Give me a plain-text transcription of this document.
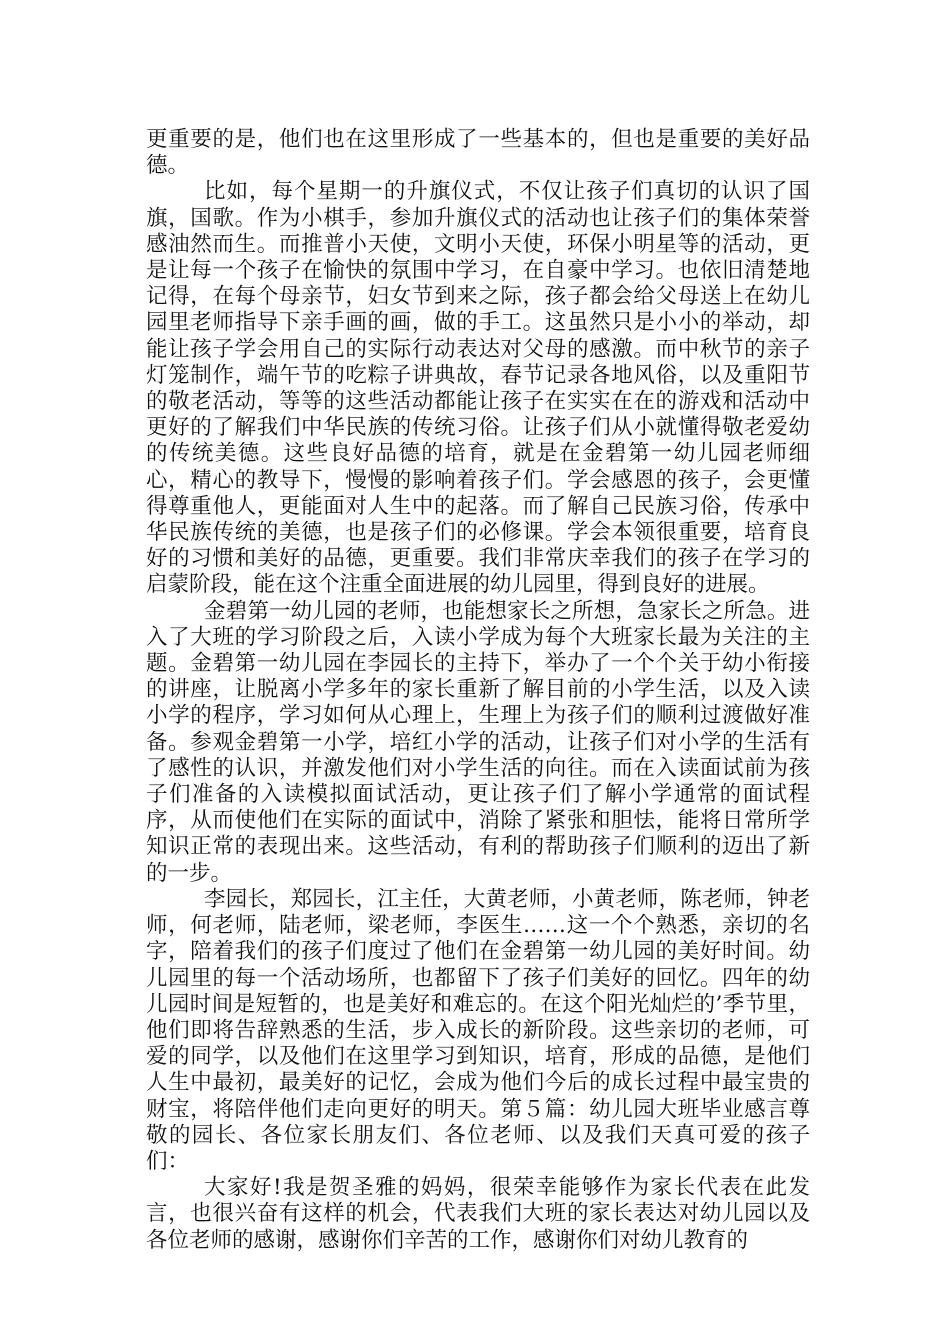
更重要的是，他们也在这里形成了一些基本的，但也是重要的美好品德。

比如，每个星期一的升旗仪式，不仅让孩子们真切的认识了国旗，国歌。作为小棋手，参加升旗仪式的活动也让孩子们的集体荣誉感油然而生。而推普小天使，文明小天使，环保小明星等的活动，更是让每一个孩子在愉快的氛围中学习，在自豪中学习。也依旧清楚地记得，在每个母亲节，妇女节到来之际，孩子都会给父母送上在幼儿园里老师指导下亲手画的画，做的手工。这虽然只是小小的举动，却能让孩子学会用自己的实际行动表达对父母的感激。而中秋节的亲子灯笼制作，端午节的吃粽子讲典故，春节记录各地风俗，以及重阳节的敬老活动，等等的这些活动都能让孩子在实实在在的游戏和活动中更好的了解我们中华民族的传统习俗。让孩子们从小就懂得敬老爱幼的传统美德。这些良好品德的培育，就是在金碧第一幼儿园老师细心，精心的教导下，慢慢的影响着孩子们。学会感恩的孩子，会更懂得尊重他人，更能面对人生中的起落。而了解自己民族习俗，传承中华民族传统的美德，也是孩子们的必修课。学会本领很重要，培育良好的习惯和美好的品德，更重要。我们非常庆幸我们的孩子在学习的启蒙阶段，能在这个注重全面进展的幼儿园里，得到良好的进展。

金碧第一幼儿园的老师，也能想家长之所想，急家长之所急。进入了大班的学习阶段之后，入读小学成为每个大班家长最为关注的主题。金碧第一幼儿园在李园长的主持下，举办了一个个关于幼小衔接的讲座，让脱离小学多年的家长重新了解目前的小学生活，以及入读小学的程序，学习如何从心理上，生理上为孩子们的顺利过渡做好准备。参观金碧第一小学，培红小学的活动，让孩子们对小学的生活有了感性的认识，并激发他们对小学生活的向往。而在入读面试前为孩子们准备的入读模拟面试活动，更让孩子们了解小学通常的面试程序，从而使他们在实际的面试中，消除了紧张和胆怯，能将日常所学知识正常的表现出来。这些活动，有利的帮助孩子们顺利的迈出了新的一步。

李园长，郑园长，江主任，大黄老师，小黄老师，陈老师，钟老师，何老师，陆老师，梁老师，李医生……这一个个熟悉，亲切的名字，陪着我们的孩子们度过了他们在金碧第一幼儿园的美好时间。幼儿园里的每一个活动场所，也都留下了孩子们美好的回忆。四年的幼儿园时间是短暂的，也是美好和难忘的。在这个阳光灿烂的’季节里，他们即将告辞熟悉的生活，步入成长的新阶段。这些亲切的老师，可爱的同学，以及他们在这里学习到知识，培育，形成的品德，是他们人生中最初，最美好的记忆，会成为他们今后的成长过程中最宝贵的财宝，将陪伴他们走向更好的明天。第５篇：幼儿园大班毕业感言尊敬的园长、各位家长朋友们、各位老师、以及我们天真可爱的孩子们：

大家好!我是贺圣雅的妈妈，很荣幸能够作为家长代表在此发言，也很兴奋有这样的机会，代表我们大班的家长表达对幼儿园以及各位老师的感谢，感谢你们辛苦的工作，感谢你们对幼儿教育的
